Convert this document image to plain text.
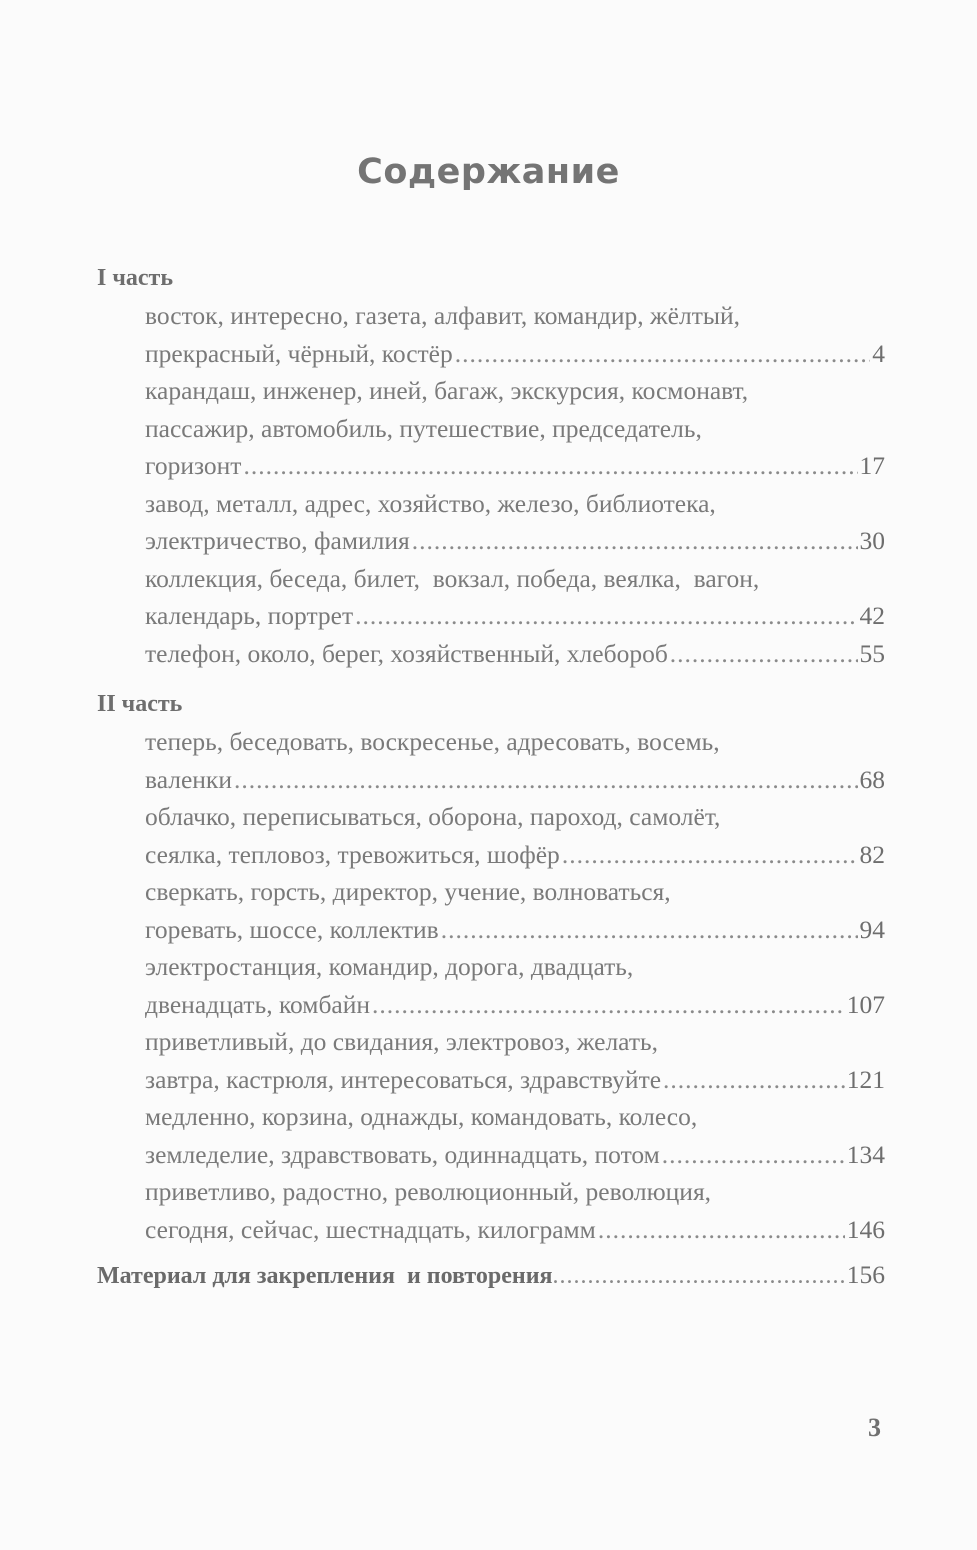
Содержание
I часть
восток, интересно, газета, алфавит, командир, жёлтый,
прекрасный, чёрный, костёр .....	4
карандаш, инженер, иней, багаж, экскурсия, космонавт,
пассажир, автомобиль, путешествие, председатель,
горизонт .....	17
завод, металл, адрес, хозяйство, железо, библиотека,
электричество, фамилия .....	30
коллекция, беседа, билет,  вокзал, победа, веялка,  вагон,
календарь, портрет .....	42
телефон, около, берег, хозяйственный, хлебороб .....	55
II часть
теперь, беседовать, воскресенье, адресовать, восемь,
валенки .....	68
облачко, переписываться, оборона, пароход, самолёт,
сеялка, тепловоз, тревожиться, шофёр .....	82
сверкать, горсть, директор, учение, волноваться,
горевать, шоссе, коллектив .....	94
электростанция, командир, дорога, двадцать,
двенадцать, комбайн .....	107
приветливый, до свидания, электровоз, желать,
завтра, кастрюля, интересоваться, здравствуйте .....	121
медленно, корзина, однажды, командовать, колесо,
земледелие, здравствовать, одиннадцать, потом .....	134
приветливо, радостно, революционный, революция,
сегодня, сейчас, шестнадцать, килограмм .....	146
Материал для закрепления  и повторения .....	156
3
